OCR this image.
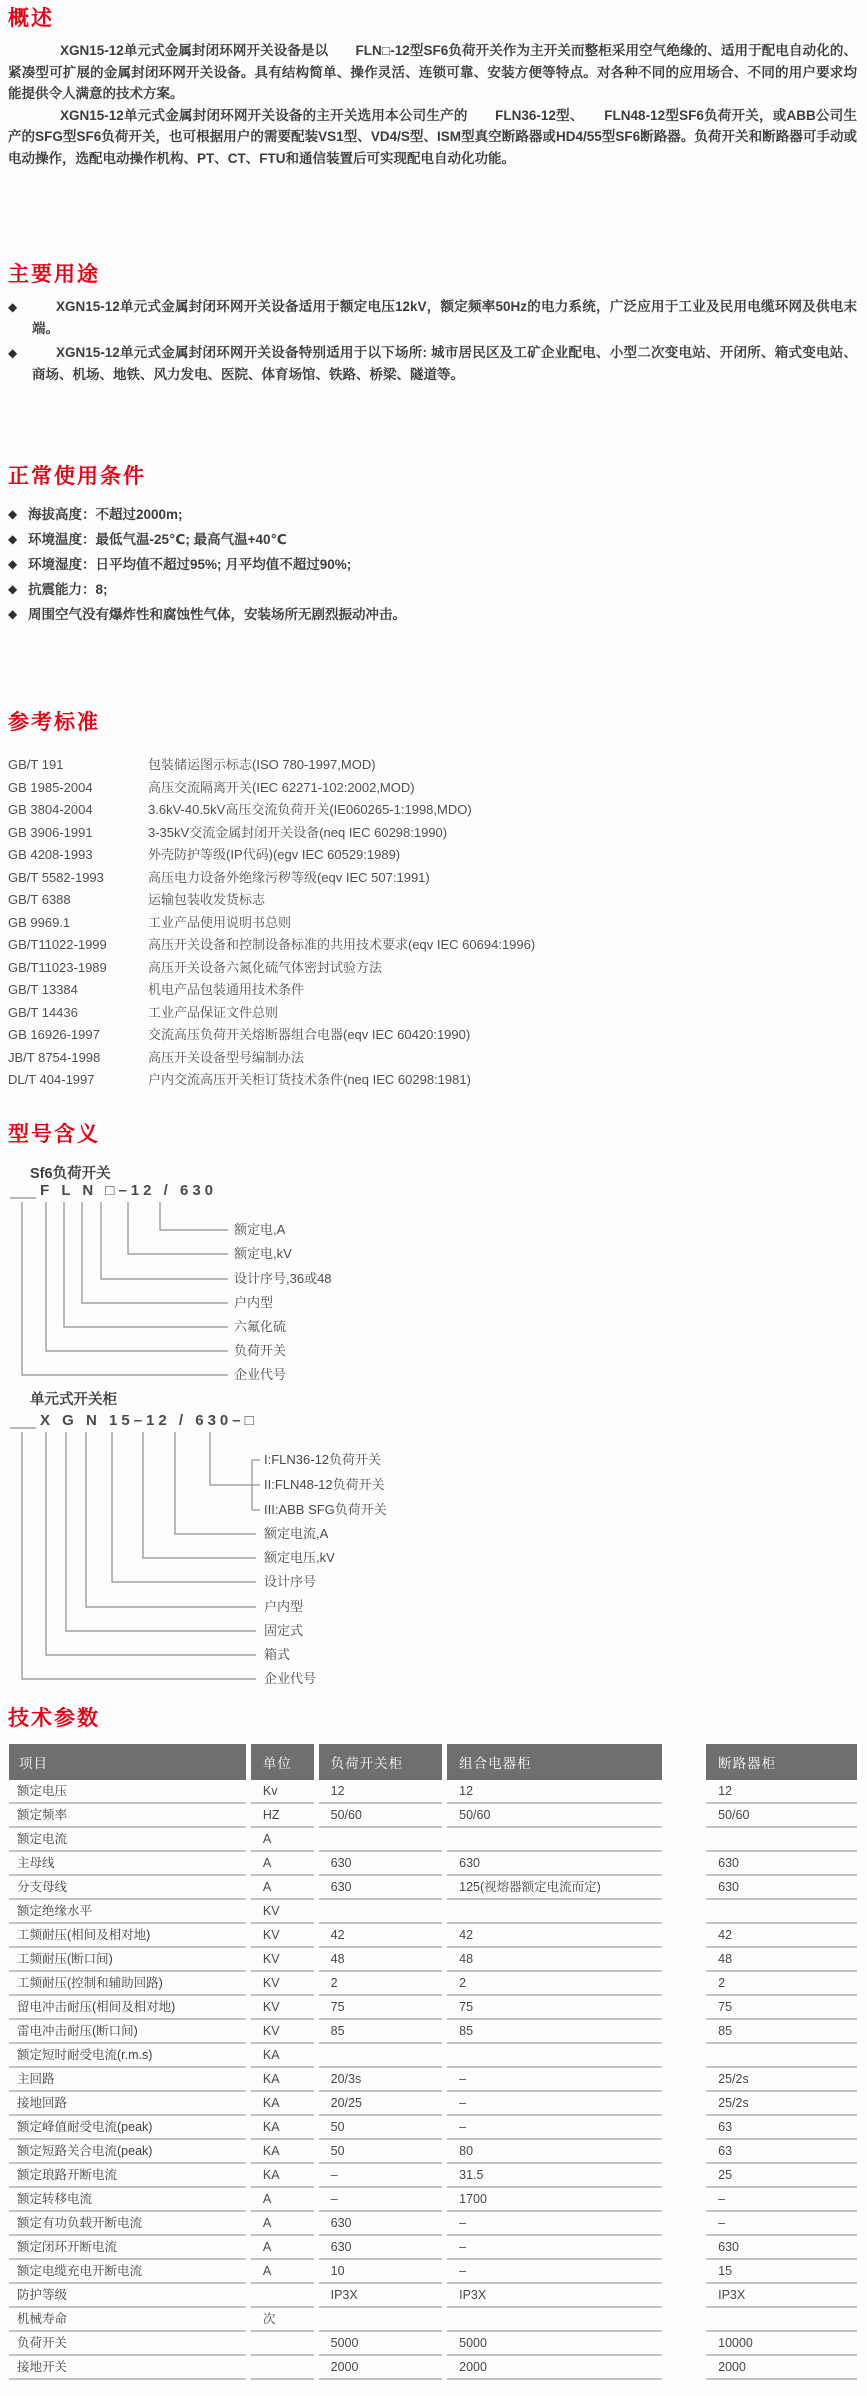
概述

XGN15-12单元式金属封闭环网开关设备是以　　FLN□-12型SF6负荷开关作为主开关而整柜采用空气绝缘的、适用于配电自动化的、紧凑型可扩展的金属封闭环网开关设备。具有结构简单、操作灵活、连锁可靠、安装方便等特点。对各种不同的应用场合、不同的用户要求均能提供令人满意的技术方案。

XGN15-12单元式金属封闭环网开关设备的主开关选用本公司生产的　　FLN36-12型、　　FLN48-12型SF6负荷开关，或ABB公司生产的SFG型SF6负荷开关，也可根据用户的需要配装VS1型、VD4/S型、ISM型真空断路器或HD4/55型SF6断路器。负荷开关和断路器可手动或电动操作，选配电动操作机构、PT、CT、FTU和通信装置后可实现配电自动化功能。

主要用途
◆	XGN15-12单元式金属封闭环网开关设备适用于额定电压12kV，额定频率50Hz的电力系统，广泛应用于工业及民用电缆环网及供电末端。
◆	XGN15-12单元式金属封闭环网开关设备特别适用于以下场所: 城市居民区及工矿企业配电、小型二次变电站、开闭所、箱式变电站、商场、机场、地铁、风力发电、医院、体育场馆、铁路、桥梁、隧道等。
正常使用条件
◆ 海拔高度：不超过2000m;
◆ 环境温度：最低气温-25℃; 最高气温+40℃
◆ 环境湿度：日平均值不超过95%; 月平均值不超过90%;
◆ 抗震能力：8;
◆ 周围空气没有爆炸性和腐蚀性气体，安装场所无剧烈振动冲击。
参考标准
GB/T 191	包装储运图示标志(ISO 780-1997,MOD)
GB 1985-2004	高压交流隔离开关(IEC 62271-102:2002,MOD)
GB 3804-2004	3.6kV-40.5kV高压交流负荷开关(IE060265-1:1998,MDO)
GB 3906-1991	3-35kV交流金属封闭开关设备(neq IEC 60298:1990)
GB 4208-1993	外壳防护等级(IP代码)(egv IEC 60529:1989)
GB/T 5582-1993	高压电力设备外绝缘污秽等级(eqv IEC 507:1991)
GB/T 6388	运输包装收发货标志
GB 9969.1	工业产品使用说明书总则
GB/T11022-1999	高压开关设备和控制设备标准的共用技术要求(eqv IEC 60694:1996)
GB/T11023-1989	高压开关设备六氮化硫气体密封试验方法
GB/T 13384	机电产品包装通用技术条件
GB/T 14436	工业产品保证文件总则
GB 16926-1997	交流高压负荷开关熔断器组合电器(eqv IEC 60420:1990)
JB/T 8754-1998	高压开关设备型号编制办法
DL/T 404-1997	户内交流高压开关柜订货技术条件(neq IEC 60298:1981)
型号含义
Sf6负荷开关
F L N □–12 / 630
额定电,A
额定电,kV
设计序号,36或48
户内型
六氟化硫
负荷开关
企业代号
单元式开关柜
X G N 15–12 / 630–□
I:FLN36-12负荷开关
II:FLN48-12负荷开关
III:ABB SFG负荷开关
额定电流,A
额定电压,kV
设计序号
户内型
固定式
箱式
企业代号
技术参数
项目	单位	负荷开关柜	组合电器柜		断路器柜
额定电压	Kv	12	12		12
额定频率	HZ	50/60	50/60		50/60
额定电流	A				
主母线	A	630	630		630
分支母线	A	630	125(视熔器额定电流而定)		630
额定绝缘水平	KV				
工频耐压(相间及相对地)	KV	42	42		42
工频耐压(断口间)	KV	48	48		48
工频耐压(控制和辅助回路)	KV	2	2		2
留电冲击耐压(相间及相对地)	KV	75	75		75
雷电冲击耐压(断口间)	KV	85	85		85
额定短时耐受电流(r.m.s)	KA				
主回路	KA	20/3s	–		25/2s
接地回路	KA	20/25	–		25/2s
额定峰值耐受电流(peak)	KA	50	–		63
额定短路关合电流(peak)	KA	50	80		63
额定琅路开断电流	KA	–	31.5		25
额定转移电流	A	–	1700		–
额定有功负载开断电流	A	630	–		–
额定闭环开断电流	A	630	–		630
额定电缆充电开断电流	A	10	–		15
防护等级		IP3X	IP3X		IP3X
机械寿命	次				
负荷开关		5000	5000		10000
接地开关		2000	2000		2000
